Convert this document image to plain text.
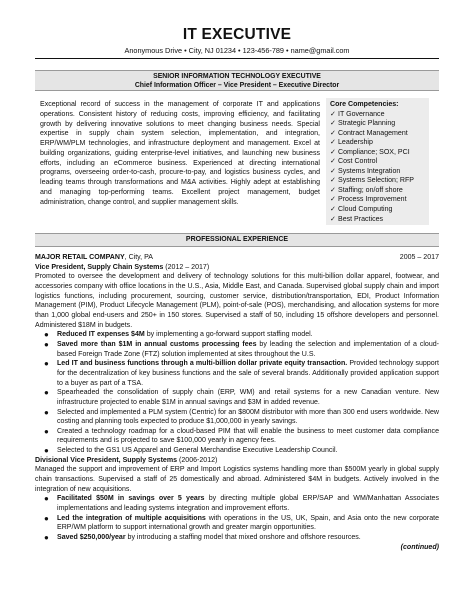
IT EXECUTIVE
Anonymous Drive • City, NJ 01234 • 123-456-789 • name@gmail.com
SENIOR INFORMATION TECHNOLOGY EXECUTIVE
Chief Information Officer – Vice President – Executive Director
Exceptional record of success in the management of corporate IT and applications operations. Consistent history of reducing costs, improving efficiency, and facilitating growth by delivering innovative solutions to meet changing business needs. Special expertise in supply chain system selection, implementation, and integration, ERP/WM/PLM technologies, and infrastructure deployment and management. Excel at building organizations, guiding enterprise-level initiatives, and launching new business efforts, including an eCommerce business. Experienced at directing international programs, overseeing order-to-cash, procure-to-pay, and logistics business cycles, and leading teams through transformations and M&A activities. Highly adept at establishing and managing top-performing teams. Excellent project management, budget administration, change control, and supplier management skills.
Core Competencies:
✓ IT Governance
✓ Strategic Planning
✓ Contract Management
✓ Leadership
✓ Compliance; SOX, PCI
✓ Cost Control
✓ Systems Integration
✓ Systems Selection; RFP
✓ Staffing; on/off shore
✓ Process Improvement
✓ Cloud Computing
✓ Best Practices
PROFESSIONAL EXPERIENCE
MAJOR RETAIL COMPANY, City, PA	2005 – 2017
Vice President, Supply Chain Systems (2012 – 2017)

Promoted to oversee the development and delivery of technology solutions for this multi-billion dollar apparel, footwear, and accessories company with office locations in the U.S., Asia, Middle East, and Canada. Supervised global supply chain and import logistics functions, including procurement, sourcing, customer service, distribution/transportation, EDI, Product Information Management (PIM), Product Lifecycle Management (PLM), point-of-sale (POS), merchandising, and allocation systems for more than 1,000 global end-users and 250+ in 150 stores. Supervised a staff of 50, including 15 offshore developers and personnel. Administered $18M in budgets.

● Reduced IT expenses $4M by implementing a go-forward support staffing model.
● Saved more than $1M in annual customs processing fees by leading the selection and implementation of a cloud-based Foreign Trade Zone (FTZ) solution implemented at sites throughout the U.S.
● Led IT and business functions through a multi-billion dollar private equity transaction. Provided technology support for the decentralization of key business functions and the sale of several brands. Additionally provided application support to a buyer as part of a TSA.
● Spearheaded the consolidation of supply chain (ERP, WM) and retail systems for a new Canadian venture. New infrastructure projected to enable $1M in annual savings and $3M in added revenue.
● Selected and implemented a PLM system (Centric) for an $800M distributor with more than 300 end users worldwide. New costing and planning tools expected to produce $1,000,000 in yearly savings.
● Created a technology roadmap for a cloud-based PIM that will enable the business to meet customer data compliance requirements and is projected to save $100,000 yearly in agency fees.
● Selected to the GS1 US Apparel and General Merchandise Executive Leadership Council.
Divisional Vice President, Supply Systems (2006-2012)

Managed the support and improvement of ERP and Import Logistics systems handling more than $500M yearly in global supply chain transactions. Supervised a staff of 25 domestically and abroad. Administered $4M in budgets. Actively involved in the integration of new acquisitions.

● Facilitated $50M in savings over 5 years by directing multiple global ERP/SAP and WM/Manhattan Associates implementations and leading systems integration and improvement efforts.
● Led the integration of multiple acquisitions with operations in the US, UK, Spain, and Asia onto the new corporate ERP/WM platform to support international growth and greater margin opportunities.
● Saved $250,000/year by introducing a staffing model that mixed onshore and offshore resources.
(continued)
